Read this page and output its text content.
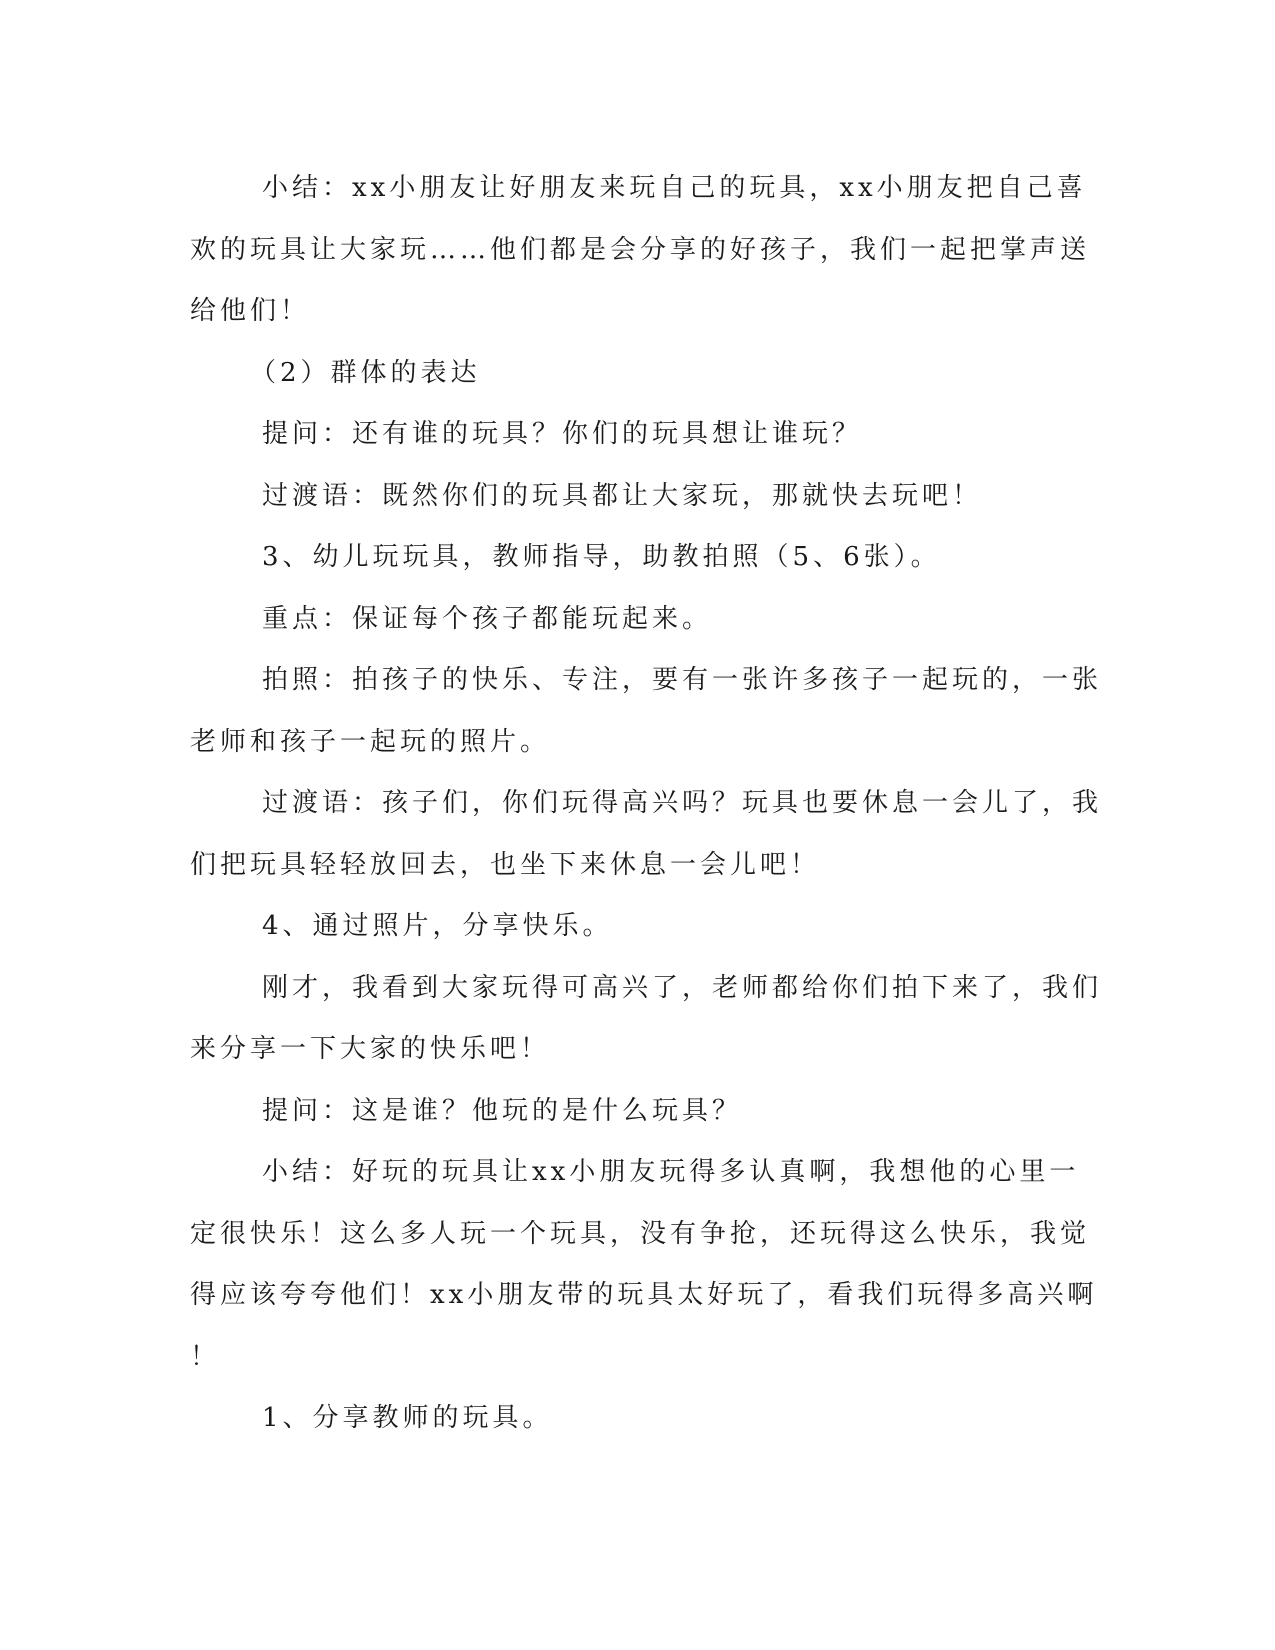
小结：xx小朋友让好朋友来玩自己的玩具，xx小朋友把自己喜
欢的玩具让大家玩……他们都是会分享的好孩子，我们一起把掌声送
给他们！
（2）群体的表达
提问：还有谁的玩具？你们的玩具想让谁玩？
过渡语：既然你们的玩具都让大家玩，那就快去玩吧！
3、幼儿玩玩具，教师指导，助教拍照（5、6张）。
重点：保证每个孩子都能玩起来。
拍照：拍孩子的快乐、专注，要有一张许多孩子一起玩的，一张
老师和孩子一起玩的照片。
过渡语：孩子们，你们玩得高兴吗？玩具也要休息一会儿了，我
们把玩具轻轻放回去，也坐下来休息一会儿吧！
4、通过照片，分享快乐。
刚才，我看到大家玩得可高兴了，老师都给你们拍下来了，我们
来分享一下大家的快乐吧！
提问：这是谁？他玩的是什么玩具？
小结：好玩的玩具让xx小朋友玩得多认真啊，我想他的心里一
定很快乐！这么多人玩一个玩具，没有争抢，还玩得这么快乐，我觉
得应该夸夸他们！xx小朋友带的玩具太好玩了，看我们玩得多高兴啊
！
1、分享教师的玩具。
